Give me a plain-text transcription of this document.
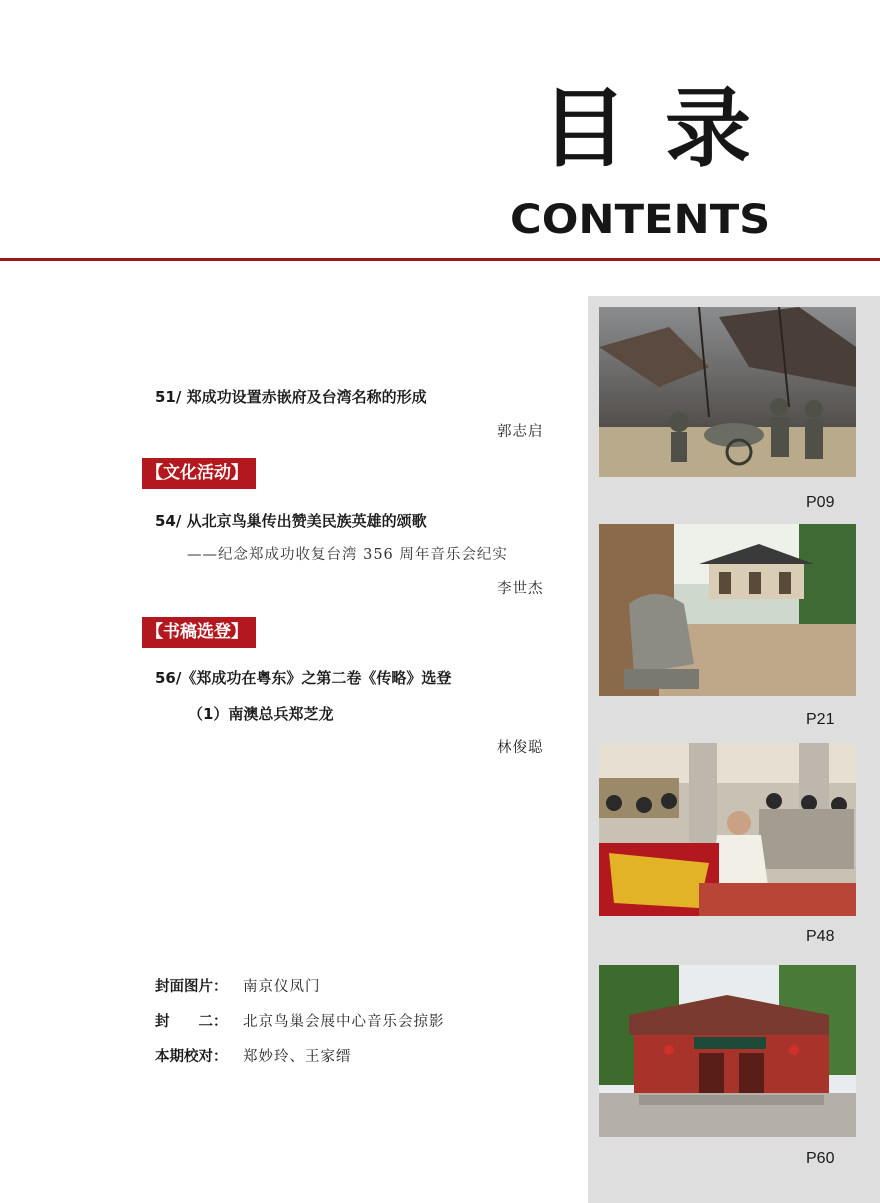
目录
CONTENTS
51/ 郑成功设置赤嵌府及台湾名称的形成
郭志启
【文化活动】
54/ 从北京鸟巢传出赞美民族英雄的颂歌
——纪念郑成功收复台湾 356 周年音乐会纪实
李世杰
【书稿选登】
56/《郑成功在粤东》之第二卷《传略》选登
（1）南澳总兵郑芝龙
林俊聪
封面图片： 南京仪凤门
封　　二： 北京鸟巢会展中心音乐会掠影
本期校对： 郑妙玲、王家缙
P09
P21
P48
P60
